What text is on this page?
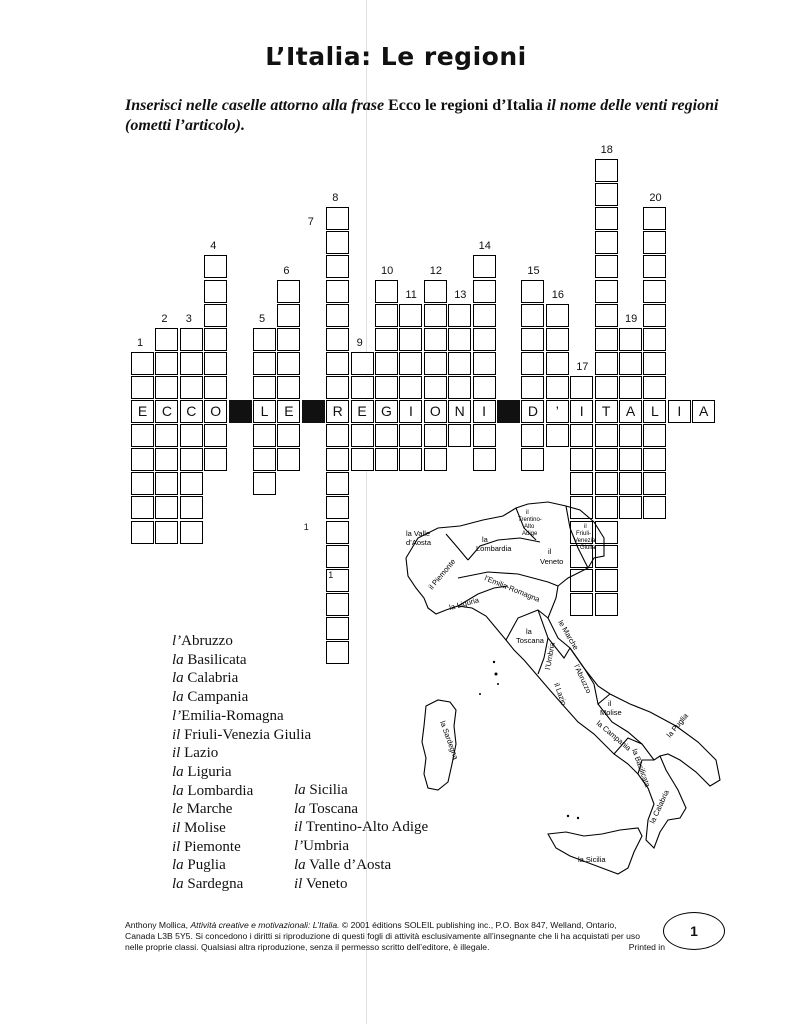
L’Italia: Le regioni
Inserisci nelle caselle attorno alla frase Ecco le regioni d’Italia il nome delle venti regioni (ometti l’articolo).
E
1
C
2
C
3
O
4
L
5
E
6
7
R
8
E
9
G
10
I
11
O
12
N
13
I
14
D
15
’
16
I
17
T
18
A
19
L
20
I	A
1
1
l’Abruzzo
la Basilicata
la Calabria
la Campania
l’Emilia-Romagna
il Friuli-Venezia Giulia
il Lazio
la Liguria
la Lombardia
le Marche
il Molise
il Piemonte
la Puglia
la Sardegna
la Sicilia
la Toscana
il Trentino-Alto Adige
l’Umbria
la Valle d’Aosta
il Veneto
la Valle d’Aosta
il Trentino-Alto Adige
il Friuli-Venezia Giulia
la Lombardia	il Veneto
il Piemonte	l’Emilia-Romagna
la Liguria
la Toscana le Marche
l’Umbria
l’Abruzzo
il Lazio	il Molise
la Campania	la Puglia
la Basilicata
la Sardegna
la Calabria
la Sicilia
Anthony Mollica, Attività creative e motivazionali: L’Italia. © 2001 éditions SOLEIL publishing inc., P.O. Box 847, Welland, Ontario,
Canada L3B 5Y5. Si concedono i diritti si riproduzione di questi fogli di attività esclusivamente all’insegnante che li ha acquistati per uso
nelle proprie classi. Qualsiasi altra riproduzione, senza il permesso scritto dell’editore, è illegale.	Printed in
1
